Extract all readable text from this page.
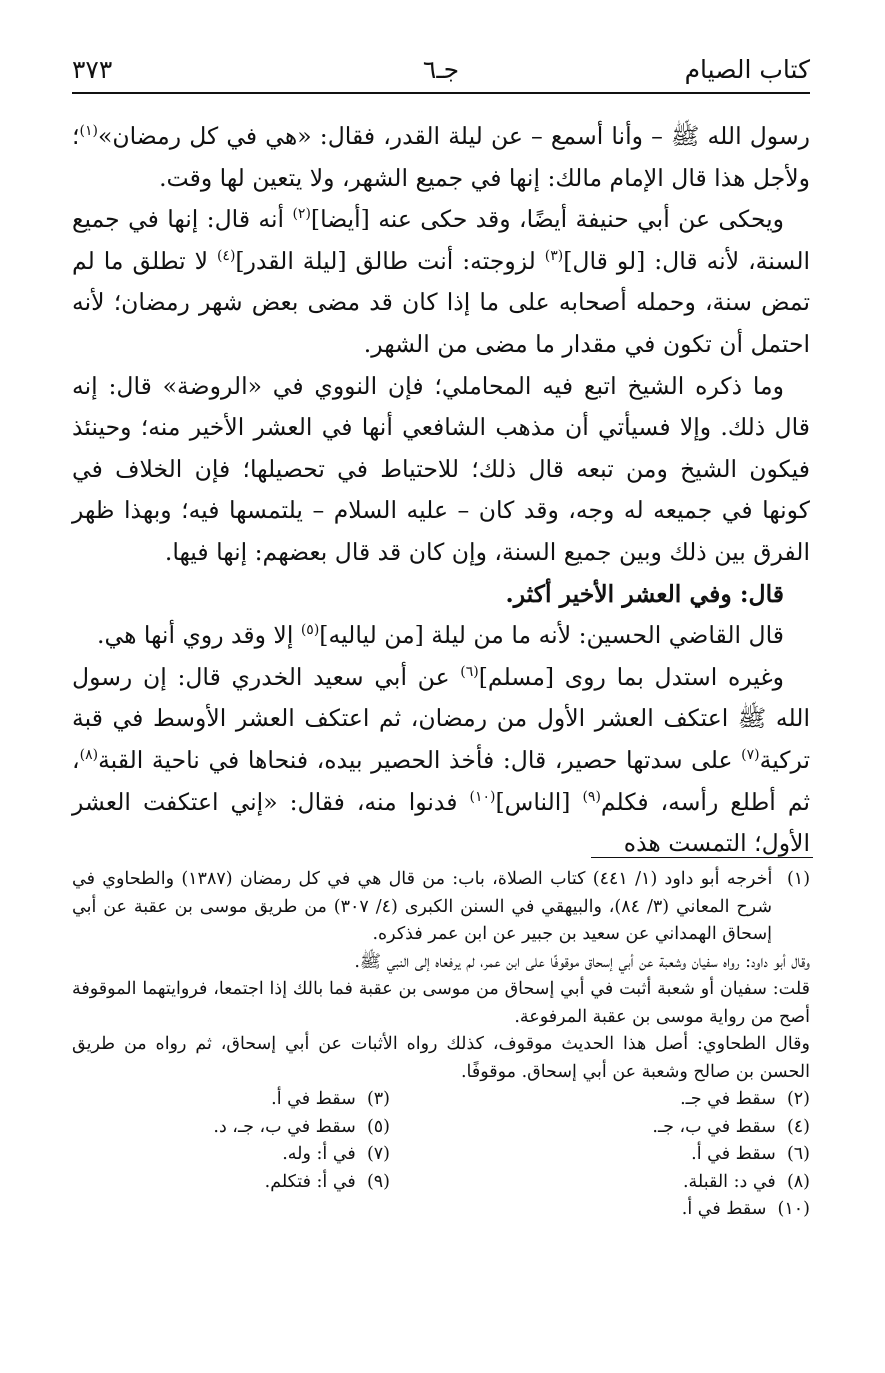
كتاب الصيام
جـ٦
٣٧٣

رسول الله ﷺ – وأنا أسمع – عن ليلة القدر، فقال: «هي في كل رمضان»$^{(١)}$؛ ولأجل هذا قال الإمام مالك: إنها في جميع الشهر، ولا يتعين لها وقت.

ويحكى عن أبي حنيفة أيضًا، وقد حكى عنه [أيضا]$^{(٢)}$ أنه قال: إنها في جميع السنة، لأنه قال: [لو قال]$^{(٣)}$ لزوجته: أنت طالق [ليلة القدر]$^{(٤)}$ لا تطلق ما لم تمض سنة، وحمله أصحابه على ما إذا كان قد مضى بعض شهر رمضان؛ لأنه احتمل أن تكون في مقدار ما مضى من الشهر.

وما ذكره الشيخ اتبع فيه المحاملي؛ فإن النووي في «الروضة» قال: إنه قال ذلك. وإلا فسيأتي أن مذهب الشافعي أنها في العشر الأخير منه؛ وحينئذ فيكون الشيخ ومن تبعه قال ذلك؛ للاحتياط في تحصيلها؛ فإن الخلاف في كونها في جميعه له وجه، وقد كان – عليه السلام – يلتمسها فيه؛ وبهذا ظهر الفرق بين ذلك وبين جميع السنة، وإن كان قد قال بعضهم: إنها فيها.

قال: وفي العشر الأخير أكثر.

قال القاضي الحسين: لأنه ما من ليلة [من لياليه]$^{(٥)}$ إلا وقد روي أنها هي.

وغيره استدل بما روى [مسلم]$^{(٦)}$ عن أبي سعيد الخدري قال: إن رسول الله ﷺ اعتكف العشر الأول من رمضان، ثم اعتكف العشر الأوسط في قبة تركية$^{(٧)}$ على سدتها حصير، قال: فأخذ الحصير بيده، فنحاها في ناحية القبة$^{(٨)}$، ثم أطلع رأسه، فكلم$^{(٩)}$ [الناس]$^{(١٠)}$ فدنوا منه، فقال: «إني اعتكفت العشر الأول؛ التمست هذه

(١)  أخرجه أبو داود (١/ ٤٤١) كتاب الصلاة، باب: من قال هي في كل رمضان (١٣٨٧) والطحاوي في شرح المعاني (٣/ ٨٤)، والبيهقي في السنن الكبرى (٤/ ٣٠٧) من طريق موسى بن عقبة عن أبي إسحاق الهمداني عن سعيد بن جبير عن ابن عمر فذكره.

وقال أبو داود: رواه سفيان وشعبة عن أبي إسحاق موقوفًا على ابن عمر، لم يرفعاه إلى النبي ﷺ.

قلت: سفيان أو شعبة أثبت في أبي إسحاق من موسى بن عقبة فما بالك إذا اجتمعا، فروايتهما الموقوفة أصح من رواية موسى بن عقبة المرفوعة.

وقال الطحاوي: أصل هذا الحديث موقوف، كذلك رواه الأثبات عن أبي إسحاق، ثم رواه من طريق الحسن بن صالح وشعبة عن أبي إسحاق. موقوفًا.

(٢)  سقط في جـ.
(٣)  سقط في أ.
(٤)  سقط في ب، جـ.
(٥)  سقط في ب، جـ، د.
(٦)  سقط في أ.
(٧)  في أ: وله.
(٨)  في د: القبلة.
(٩)  في أ: فتكلم.
(١٠)  سقط في أ.
